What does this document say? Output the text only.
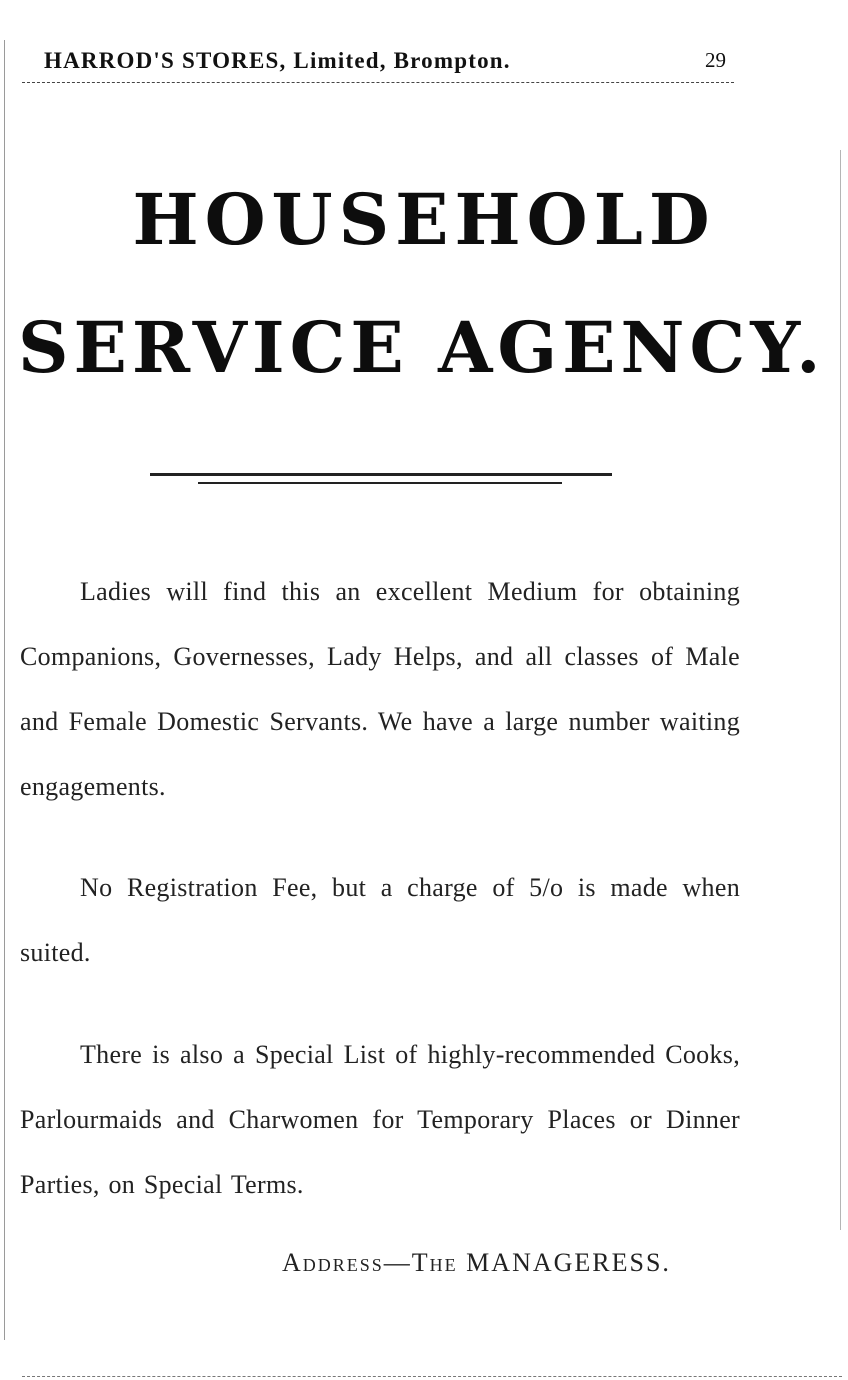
HARROD'S STORES, Limited, Brompton.	29
HOUSEHOLD
SERVICE AGENCY.

Ladies will find this an excellent Medium for obtaining Companions, Governesses, Lady Helps, and all classes of Male and Female Domestic Servants. We have a large number waiting engagements.

No Registration Fee, but a charge of 5/o is made when suited.

There is also a Special List of highly-recommended Cooks, Parlourmaids and Charwomen for Temporary Places or Dinner Parties, on Special Terms.

Address—The MANAGERESS.
